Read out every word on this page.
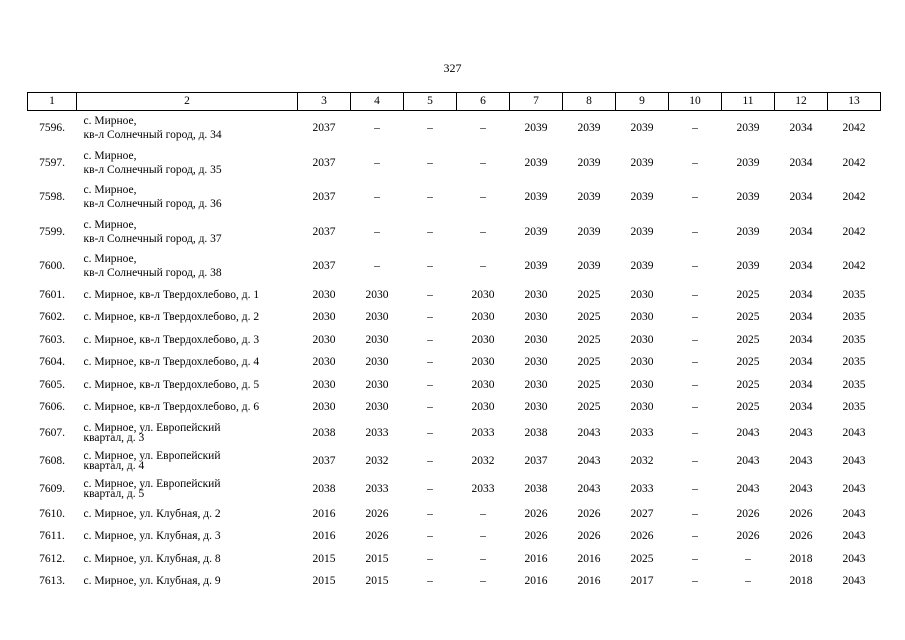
327
1	2	3	4	5	6	7	8	9	10	11	12	13
7596.	с. Мирное,
кв-л Солнечный город, д. 34	2037	–	–	–	2039	2039	2039	–	2039	2034	2042
7597.	с. Мирное,
кв-л Солнечный город, д. 35	2037	–	–	–	2039	2039	2039	–	2039	2034	2042
7598.	с. Мирное,
кв-л Солнечный город, д. 36	2037	–	–	–	2039	2039	2039	–	2039	2034	2042
7599.	с. Мирное,
кв-л Солнечный город, д. 37	2037	–	–	–	2039	2039	2039	–	2039	2034	2042
7600.	с. Мирное,
кв-л Солнечный город, д. 38	2037	–	–	–	2039	2039	2039	–	2039	2034	2042
7601.	с. Мирное, кв-л Твердохлебово, д. 1	2030	2030	–	2030	2030	2025	2030	–	2025	2034	2035
7602.	с. Мирное, кв-л Твердохлебово, д. 2	2030	2030	–	2030	2030	2025	2030	–	2025	2034	2035
7603.	с. Мирное, кв-л Твердохлебово, д. 3	2030	2030	–	2030	2030	2025	2030	–	2025	2034	2035
7604.	с. Мирное, кв-л Твердохлебово, д. 4	2030	2030	–	2030	2030	2025	2030	–	2025	2034	2035
7605.	с. Мирное, кв-л Твердохлебово, д. 5	2030	2030	–	2030	2030	2025	2030	–	2025	2034	2035
7606.	с. Мирное, кв-л Твердохлебово, д. 6	2030	2030	–	2030	2030	2025	2030	–	2025	2034	2035
7607.	с. Мирное, ул. Европейский
квартал, д. 3	2038	2033	–	2033	2038	2043	2033	–	2043	2043	2043
7608.	с. Мирное, ул. Европейский
квартал, д. 4	2037	2032	–	2032	2037	2043	2032	–	2043	2043	2043
7609.	с. Мирное, ул. Европейский
квартал, д. 5	2038	2033	–	2033	2038	2043	2033	–	2043	2043	2043
7610.	с. Мирное, ул. Клубная, д. 2	2016	2026	–	–	2026	2026	2027	–	2026	2026	2043
7611.	с. Мирное, ул. Клубная, д. 3	2016	2026	–	–	2026	2026	2026	–	2026	2026	2043
7612.	с. Мирное, ул. Клубная, д. 8	2015	2015	–	–	2016	2016	2025	–	–	2018	2043
7613.	с. Мирное, ул. Клубная, д. 9	2015	2015	–	–	2016	2016	2017	–	–	2018	2043
